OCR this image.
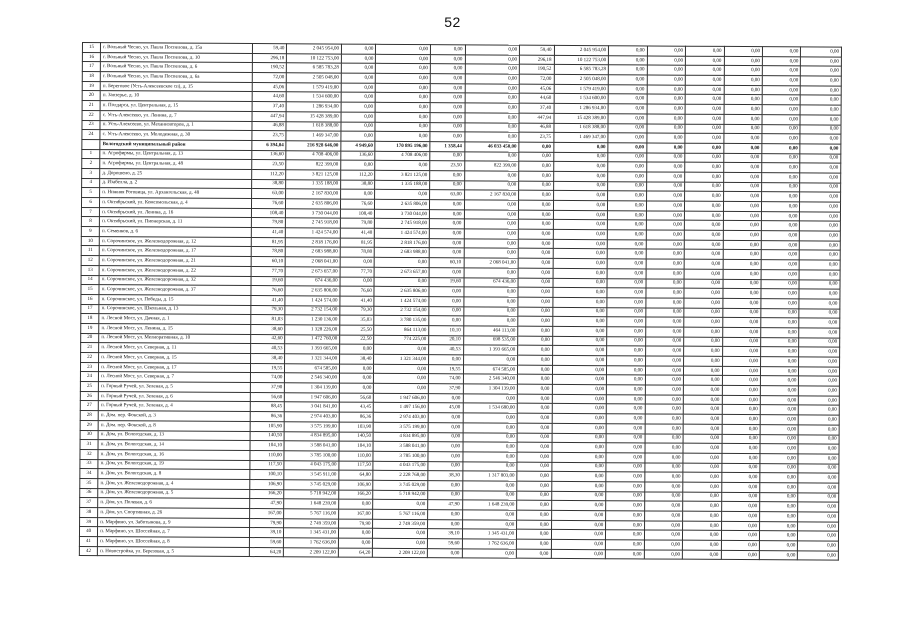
52
15	г. Вольный Чесно, ул. Павла Поспелова, д. 15а	59,40	2 045 954,00	0,00	0,00	0,00	0,00	59,40	2 045 954,00	0,00	0,00	0,00	0,00	0,00	0,00
16	г. Вольный Чесно, ул. Павла Поспелова, д. 10	296,18	10 122 753,00	0,00	0,00	0,00	0,00	296,18	10 122 753,00	0,00	0,00	0,00	0,00	0,00	0,00
17	г. Вольный Чесно, ул. Павла Поспелова, д. 6	190,52	6 585 783,28	0,00	0,00	0,00	0,00	190,52	6 585 783,28	0,00	0,00	0,00	0,00	0,00	0,00
18	г. Вольный Чесно, ул. Павла Поспелова, д. 6а	72,00	2 505 048,00	0,00	0,00	0,00	0,00	72,00	2 505 048,00	0,00	0,00	0,00	0,00	0,00	0,00
19	п. Береговое (Усть-Алексеевское сп), д. 15	45,06	1 579 419,00	0,00	0,00	0,00	0,00	45,06	1 579 419,00	0,00	0,00	0,00	0,00	0,00	0,00
20	п. Заозерье, д. 10	44,60	1 534 600,00	0,00	0,00	0,00	0,00	44,60	1 534 600,00	0,00	0,00	0,00	0,00	0,00	0,00
21	п. Полдарса, ул. Центральная, д. 15	37,40	1 286 934,00	0,00	0,00	0,00	0,00	37,40	1 286 934,00	0,00	0,00	0,00	0,00	0,00	0,00
22	с. Усть-Алексеево, ул. Ленина, д. 7	447,94	15 428 389,00	0,00	0,00	0,00	0,00	447,94	15 428 389,00	0,00	0,00	0,00	0,00	0,00	0,00
23	п. Усть-Алексеево, ул. Механизаторов, д. 1	46,88	1 618 388,00	0,00	0,00	0,00	0,00	46,88	1 618 388,00	0,00	0,00	0,00	0,00	0,00	0,00
24	с. Усть-Алексеево, ул. Молодежная, д. 30	23,75	1 469 347,00	0,00	0,00	0,00	0,00	23,75	1 469 347,00	0,00	0,00	0,00	0,00	0,00	0,00
	Вологодский муниципальный район	6 394,04	216 928 646,00	4 949,60	170 895 196,00	1 358,44	46 033 450,00	0,00	0,00	0,00	0,00	0,00	0,00	0,00	0,00
1	п. Агрофирмы, ул. Центральная, д. 13	136,60	4 708 406,00	136,60	4 708 406,00	0,00	0,00	0,00	0,00	0,00	0,00	0,00	0,00	0,00	0,00
2	п. Агрофирмы, ул. Центральная, д. 48	23,50	822 399,00	0,00	0,00	23,50	822 399,00	0,00	0,00	0,00	0,00	0,00	0,00	0,00	0,00
3	д. Дорошено, д. 25	112,20	3 821 125,00	112,20	3 821 125,00	0,00	0,00	0,00	0,00	0,00	0,00	0,00	0,00	0,00	0,00
4	д. Изабелла, д. 2	38,80	1 335 188,00	38,80	1 335 188,00	0,00	0,00	0,00	0,00	0,00	0,00	0,00	0,00	0,00	0,00
5	п. Нижняя Роговица, ул. Архангельская, д. 48	63,00	2 167 830,00	0,00	0,00	63,00	2 167 830,00	0,00	0,00	0,00	0,00	0,00	0,00	0,00	0,00
6	п. Октябрьский, ул. Комсомольская, д. 4	76,60	2 635 806,00	76,60	2 635 806,00	0,00	0,00	0,00	0,00	0,00	0,00	0,00	0,00	0,00	0,00
7	п. Октябрьский, ул. Ленина, д. 16	108,40	3 730 044,00	108,40	3 730 044,00	0,00	0,00	0,00	0,00	0,00	0,00	0,00	0,00	0,00	0,00
8	п. Октябрьский, ул. Пионерская, д. 11	79,80	2 745 918,00	79,80	2 745 918,00	0,00	0,00	0,00	0,00	0,00	0,00	0,00	0,00	0,00	0,00
9	п. Семенков, д. 6	41,40	1 424 574,00	41,40	1 424 574,00	0,00	0,00	0,00	0,00	0,00	0,00	0,00	0,00	0,00	0,00
10	п. Сорочинское, ул. Железнодорожная, д. 12	81,95	2 818 176,00	81,95	2 818 176,00	0,00	0,00	0,00	0,00	0,00	0,00	0,00	0,00	0,00	0,00
11	п. Сорочинское, ул. Железнодорожная, д. 17	78,80	2 683 988,00	78,80	2 683 988,00	0,00	0,00	0,00	0,00	0,00	0,00	0,00	0,00	0,00	0,00
12	п. Сорочинское, ул. Железнодорожная, д. 21	60,10	2 068 041,00	0,00	0,00	60,10	2 068 041,00	0,00	0,00	0,00	0,00	0,00	0,00	0,00	0,00
13	п. Сорочинское, ул. Железнодорожная, д. 22	77,70	2 673 657,00	77,70	2 673 657,00	0,00	0,00	0,00	0,00	0,00	0,00	0,00	0,00	0,00	0,00
14	п. Сорочинское, ул. Железнодорожная, д. 32	19,60	674 436,00	0,00	0,00	19,60	674 436,00	0,00	0,00	0,00	0,00	0,00	0,00	0,00	0,00
15	п. Сорочинское, ул. Железнодорожная, д. 37	76,60	2 635 806,00	76,60	2 635 806,00	0,00	0,00	0,00	0,00	0,00	0,00	0,00	0,00	0,00	0,00
16	п. Сорочинское, ул. Победы, д. 15	41,40	1 424 574,00	41,40	1 424 574,00	0,00	0,00	0,00	0,00	0,00	0,00	0,00	0,00	0,00	0,00
17	п. Сорочинское, ул. Школьная, д. 13	79,30	2 732 154,00	79,30	2 732 154,00	0,00	0,00	0,00	0,00	0,00	0,00	0,00	0,00	0,00	0,00
18	п. Лесной Мост, ул. Дачная, д. 1	81,03	1 230 136,00	35,03	3 780 135,00	0,00	0,00	0,00	0,00	0,00	0,00	0,00	0,00	0,00	0,00
19	п. Лесной Мост, ул. Ленина, д. 15	38,60	1 328 226,00	25,50	864 113,00	10,10	464 113,00	0,00	0,00	0,00	0,00	0,00	0,00	0,00	0,00
20	п. Лесной Мост, ул. Мелиоративная, д. 10	42,60	1 472 760,00	22,50	774 225,00	20,10	698 535,00	0,00	0,00	0,00	0,00	0,00	0,00	0,00	0,00
21	п. Лесной Мост, ул. Северная, д. 11	40,53	1 393 665,00	0,00	0,00	40,53	1 393 665,00	0,00	0,00	0,00	0,00	0,00	0,00	0,00	0,00
22	п. Лесной Мост, ул. Северная, д. 15	38,40	1 321 344,00	38,40	1 321 344,00	0,00	0,00	0,00	0,00	0,00	0,00	0,00	0,00	0,00	0,00
23	п. Лесной Мост, ул. Северная, д. 17	19,55	674 585,00	0,00	0,00	19,55	674 585,00	0,00	0,00	0,00	0,00	0,00	0,00	0,00	0,00
24	п. Лесной Мост, ул. Северная, д. 7	74,00	2 546 340,00	0,00	0,00	74,00	2 546 340,00	0,00	0,00	0,00	0,00	0,00	0,00	0,00	0,00
25	п. Горный Ручей, ул. Зеленая, д. 5	37,90	1 304 139,00	0,00	0,00	37,90	1 304 139,00	0,00	0,00	0,00	0,00	0,00	0,00	0,00	0,00
26	п. Горный Ручей, ул. Зеленая, д. 6	56,60	1 947 606,00	56,60	1 947 606,00	0,00	0,00	0,00	0,00	0,00	0,00	0,00	0,00	0,00	0,00
27	п. Горный Ручей, ул. Зеленая, д. 4	88,45	3 041 841,00	43,45	1 497 156,00	45,00	1 534 680,00	0,00	0,00	0,00	0,00	0,00	0,00	0,00	0,00
28	п. Дом. пер. Фокской, д. 3	86,36	2 974 403,00	86,36	2 974 403,00	0,00	0,00	0,00	0,00	0,00	0,00	0,00	0,00	0,00	0,00
29	п. Дом. пер. Фокской, д. 8	105,90	3 575 199,00	103,90	3 575 199,00	0,00	0,00	0,00	0,00	0,00	0,00	0,00	0,00	0,00	0,00
30	п. Дом, ул. Вологодская, д. 13	140,50	4 834 895,00	140,50	4 834 895,00	0,00	0,00	0,00	0,00	0,00	0,00	0,00	0,00	0,00	0,00
31	п. Дом, ул. Вологодская, д. 14	104,10	3 588 041,00	104,10	3 588 041,00	0,00	0,00	0,00	0,00	0,00	0,00	0,00	0,00	0,00	0,00
32	п. Дом, ул. Вологодская, д. 16	110,00	3 785 100,00	110,00	3 785 100,00	0,00	0,00	0,00	0,00	0,00	0,00	0,00	0,00	0,00	0,00
33	п. Дом, ул. Вологодская, д. 19	117,50	4 043 175,00	117,50	4 043 175,00	0,00	0,00	0,00	0,00	0,00	0,00	0,00	0,00	0,00	0,00
34	п. Дом, ул. Вологодская, д. 8	100,10	3 545 911,00	64,80	2 228 768,00	38,30	1 317 803,00	0,00	0,00	0,00	0,00	0,00	0,00	0,00	0,00
35	п. Дом, ул. Железнодорожная, д. 4	106,90	3 745 029,00	106,90	3 745 029,00	0,00	0,00	0,00	0,00	0,00	0,00	0,00	0,00	0,00	0,00
36	п. Дом, ул. Железнодорожная, д. 5	166,20	5 718 942,00	166,20	5 718 942,00	0,00	0,00	0,00	0,00	0,00	0,00	0,00	0,00	0,00	0,00
37	п. Дом, ул. Полевая, д. 6	47,90	1 648 239,00	0,00	0,00	47,90	1 648 239,00	0,00	0,00	0,00	0,00	0,00	0,00	0,00	0,00
38	п. Дом, ул. Спортивная, д. 26	167,00	5 767 116,00	167,00	5 767 116,00	0,00	0,00	0,00	0,00	0,00	0,00	0,00	0,00	0,00	0,00
39	п. Марфино, ул. Заботынова, д. 9	79,90	2 749 359,00	79,90	2 749 359,00	0,00	0,00	0,00	0,00	0,00	0,00	0,00	0,00	0,00	0,00
40	п. Марфино, ул. Шоссейная, д. 7	39,10	1 345 431,00	0,00	0,00	39,10	1 345 431,00	0,00	0,00	0,00	0,00	0,00	0,00	0,00	0,00
41	п. Марфино, ул. Шоссейная, д. 8	59,60	1 762 636,00	0,00	0,00	59,60	1 762 636,00	0,00	0,00	0,00	0,00	0,00	0,00	0,00	0,00
42	п. Новостройка, ул. Березовая, д. 5	64,20	2 209 122,00	64,20	2 209 122,00	0,00	0,00	0,00	0,00	0,00	0,00	0,00	0,00	0,00	0,00
